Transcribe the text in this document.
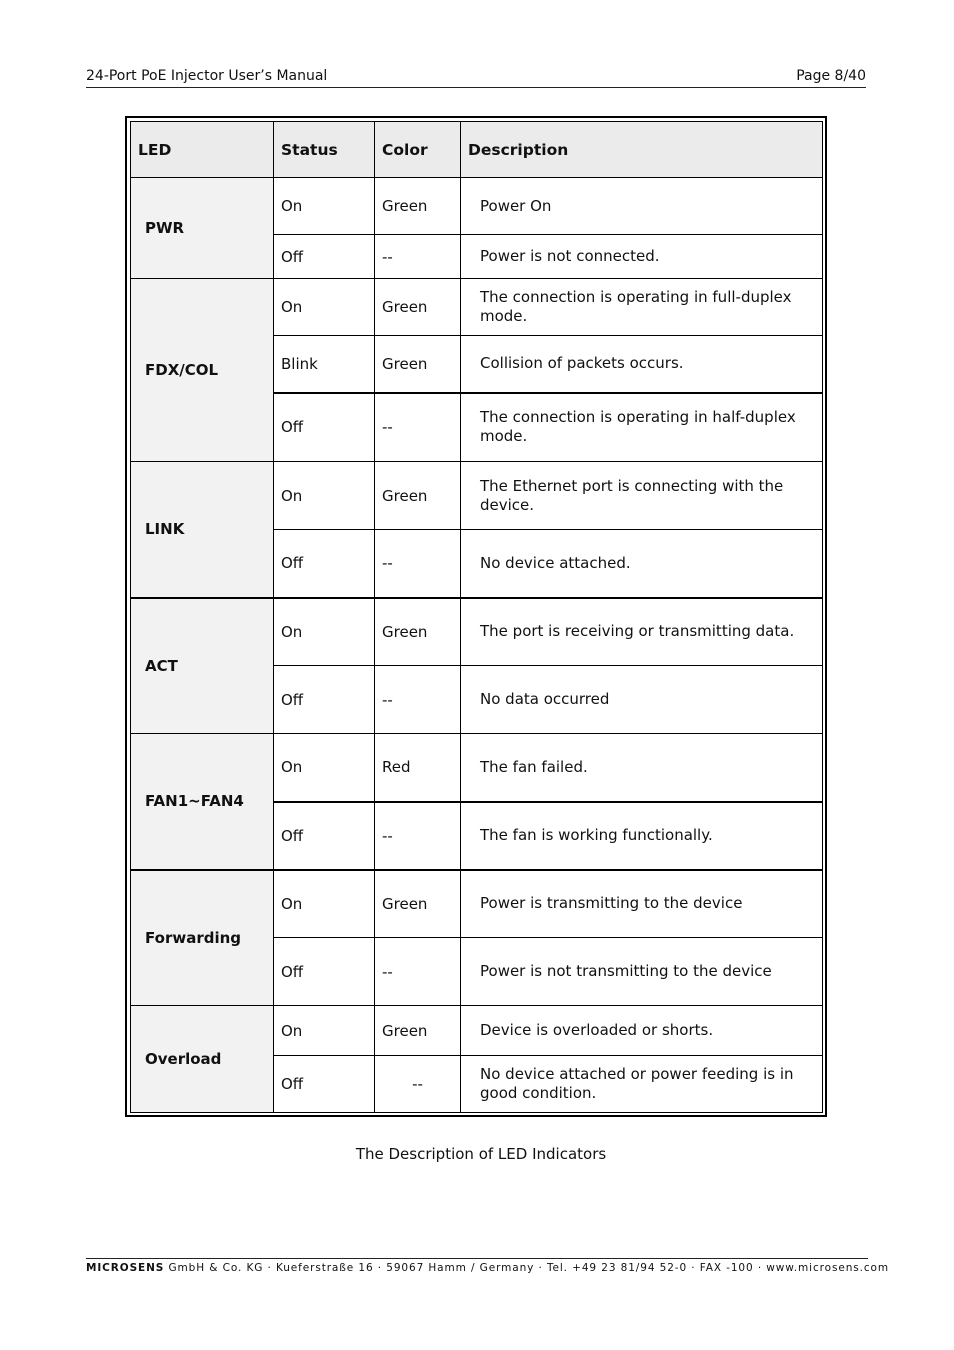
24-Port PoE Injector User’s Manual	Page 8/40
LED	Status	Color	Description
PWR	On	Green	Power On
	Off	--	Power is not connected.
FDX/COL	On	Green	The connection is operating in full-duplex mode.
	Blink	Green	Collision of packets occurs.
	Off	--	The connection is operating in half-duplex mode.
LINK	On	Green	The Ethernet port is connecting with the device.
	Off	--	No device attached.
ACT	On	Green	The port is receiving or transmitting data.
	Off	--	No data occurred
FAN1~FAN4	On	Red	The fan failed.
	Off	--	The fan is working functionally.
Forwarding	On	Green	Power is transmitting to the device
	Off	--	Power is not transmitting to the device
Overload	On	Green	Device is overloaded or shorts.
	Off	--	No device attached or power feeding is in good condition.
The Description of LED Indicators
MICROSENS GmbH & Co. KG · Kueferstraße 16 · 59067 Hamm / Germany · Tel. +49 23 81/94 52-0 · FAX -100 · www.microsens.com
